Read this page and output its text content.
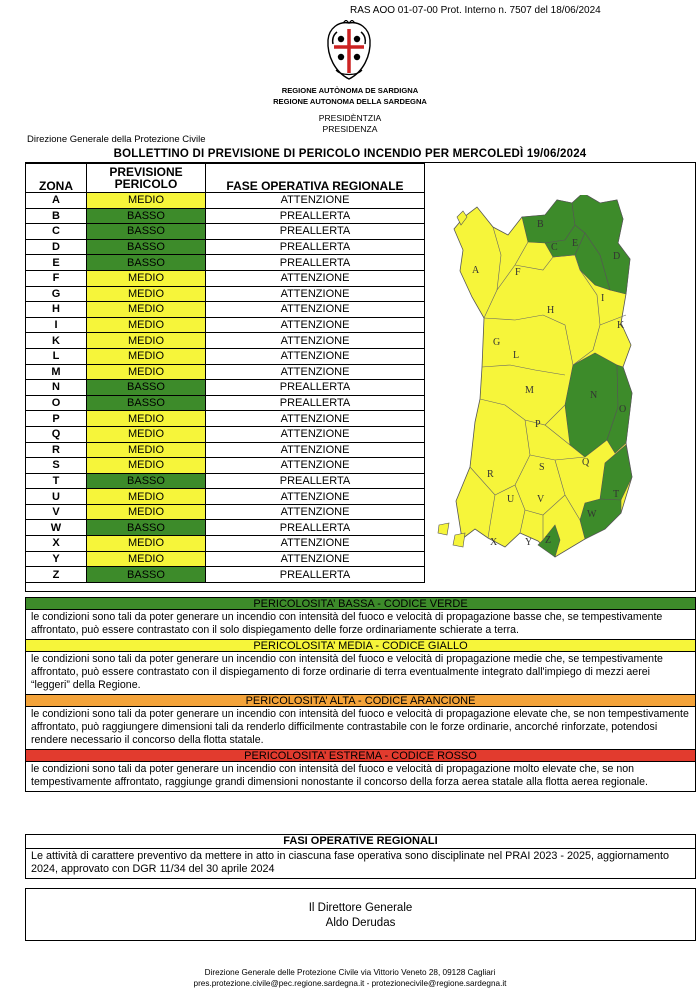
RAS AOO 01-07-00 Prot. Interno n. 7507 del 18/06/2024
REGIONE AUTÒNOMA DE SARDIGNA
REGIONE AUTONOMA DELLA SARDEGNA
PRESIDÈNTZIA
PRESIDENZA
Direzione Generale della Protezione Civile
BOLLETTINO DI PREVISIONE DI PERICOLO INCENDIO PER MERCOLEDÌ 19/06/2024
ZONA	PREVISIONE
PERICOLO	FASE OPERATIVA REGIONALE
A	MEDIO	ATTENZIONE
B	BASSO	PREALLERTA
C	BASSO	PREALLERTA
D	BASSO	PREALLERTA
E	BASSO	PREALLERTA
F	MEDIO	ATTENZIONE
G	MEDIO	ATTENZIONE
H	MEDIO	ATTENZIONE
I	MEDIO	ATTENZIONE
K	MEDIO	ATTENZIONE
L	MEDIO	ATTENZIONE
M	MEDIO	ATTENZIONE
N	BASSO	PREALLERTA
O	BASSO	PREALLERTA
P	MEDIO	ATTENZIONE
Q	MEDIO	ATTENZIONE
R	MEDIO	ATTENZIONE
S	MEDIO	ATTENZIONE
T	BASSO	PREALLERTA
U	MEDIO	ATTENZIONE
V	MEDIO	ATTENZIONE
W	BASSO	PREALLERTA
X	MEDIO	ATTENZIONE
Y	MEDIO	ATTENZIONE
Z	BASSO	PREALLERTA
A
B
C
D
E
F
G
H
I
K
L
M	N
O
P
Q
R
S
T
U V
W
X	Y Z
PERICOLOSITA’ BASSA - CODICE VERDE
le condizioni sono tali da poter generare un incendio con intensità del fuoco e velocità di propagazione basse che, se tempestivamente affrontato, può essere contrastato con il solo dispiegamento delle forze ordinariamente schierate a terra.
PERICOLOSITA’ MEDIA - CODICE GIALLO
le condizioni sono tali da poter generare un incendio con intensità del fuoco e velocità di propagazione medie che, se tempestivamente affrontato, può essere contrastato con il dispiegamento di forze ordinarie di terra eventualmente integrato dall'impiego di mezzi aerei “leggeri” della Regione.
PERICOLOSITA’ ALTA - CODICE ARANCIONE
le condizioni sono tali da poter generare un incendio con intensità del fuoco e velocità di propagazione elevate che, se non tempestivamente affrontato, può raggiungere dimensioni tali da renderlo difficilmente contrastabile con le forze ordinarie, ancorché rinforzate, potendosi rendere necessario il concorso della flotta statale.
PERICOLOSITA’ ESTREMA - CODICE ROSSO
le condizioni sono tali da poter generare un incendio con intensità del fuoco e velocità di propagazione molto elevate che, se non tempestivamente affrontato, raggiunge grandi dimensioni nonostante il concorso della forza aerea statale alla flotta aerea regionale.
FASI OPERATIVE REGIONALI
Le attività di carattere preventivo da mettere in atto in ciascuna fase operativa sono disciplinate nel PRAI 2023 - 2025, aggiornamento 2024, approvato con DGR 11/34 del 30 aprile 2024
Il Direttore Generale
Aldo Derudas
Direzione Generale delle Protezione Civile via Vittorio Veneto 28, 09128 Cagliari
pres.protezione.civile@pec.regione.sardegna.it - protezionecivile@regione.sardegna.it
